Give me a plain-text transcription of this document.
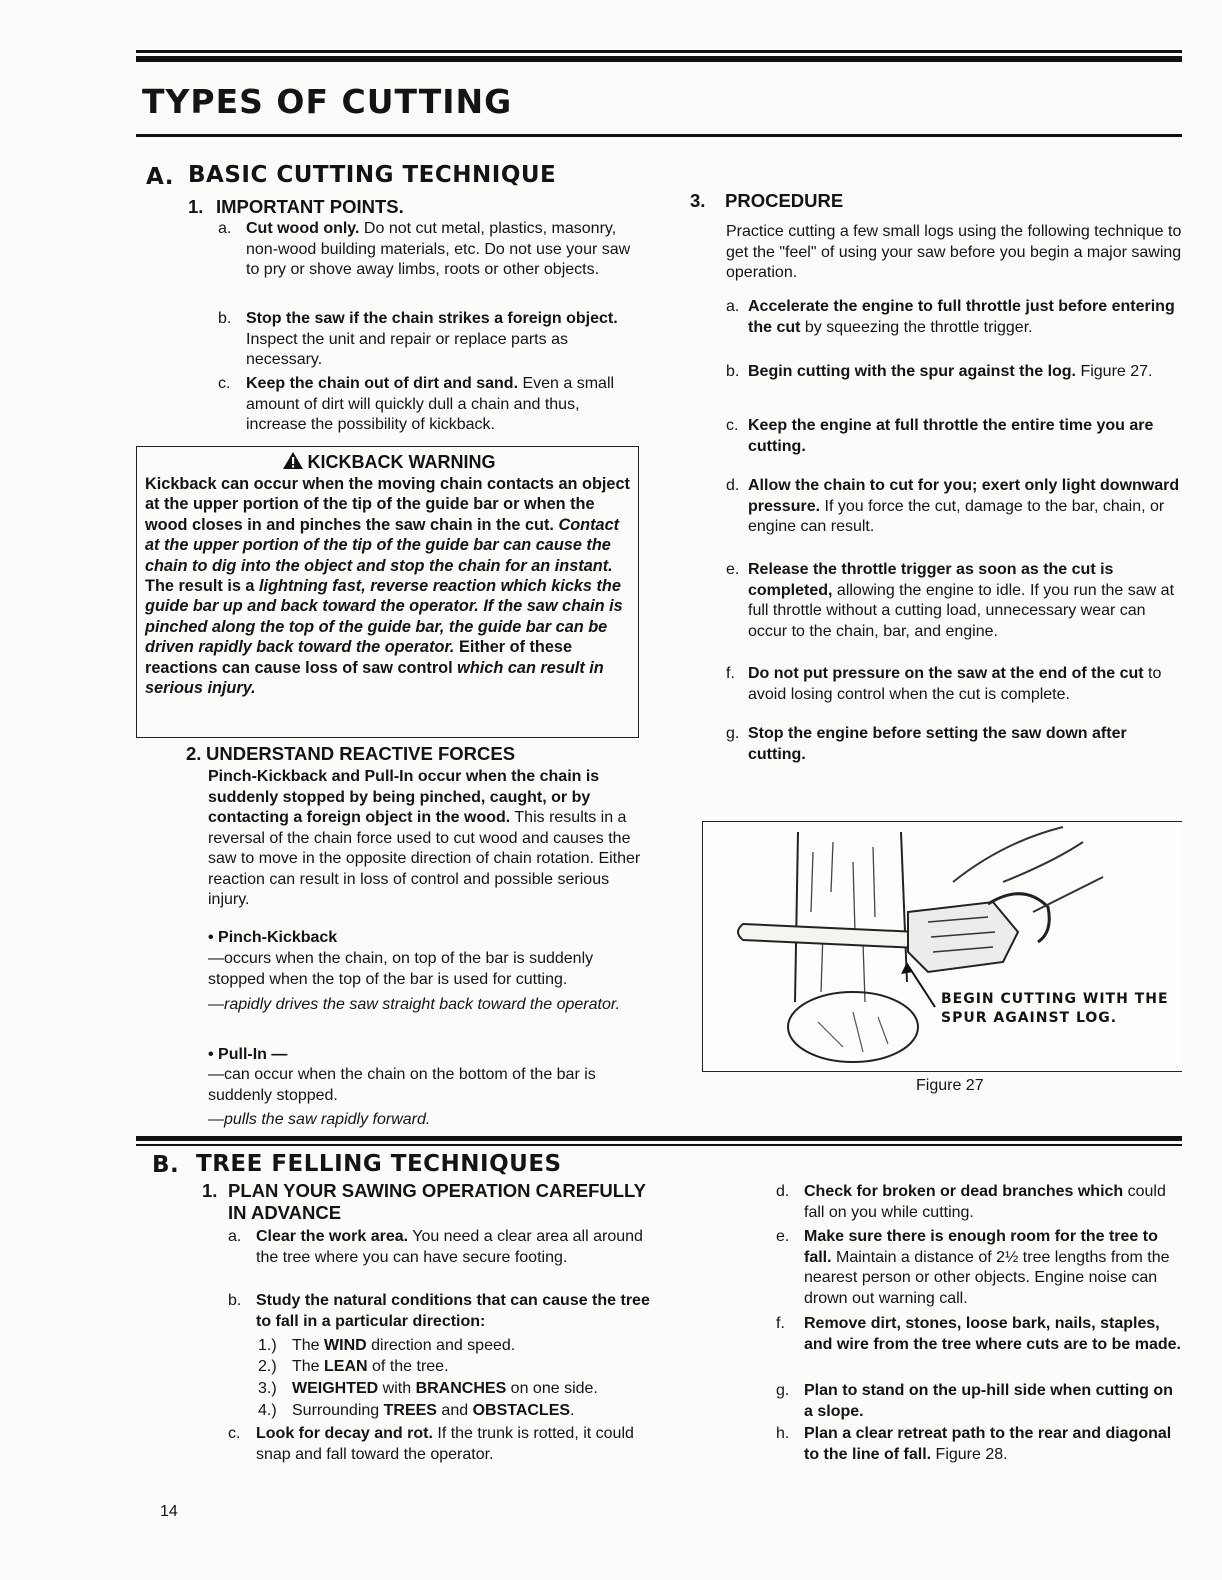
TYPES OF CUTTING
A. BASIC CUTTING TECHNIQUE
1. IMPORTANT POINTS.
a. Cut wood only. Do not cut metal, plastics, masonry, non-wood building materials, etc. Do not use your saw to pry or shove away limbs, roots or other objects.
b. Stop the saw if the chain strikes a foreign object. Inspect the unit and repair or replace parts as necessary.
c. Keep the chain out of dirt and sand. Even a small amount of dirt will quickly dull a chain and thus, increase the possibility of kickback.
KICKBACK WARNING

Kickback can occur when the moving chain contacts an object at the upper portion of the tip of the guide bar or when the wood closes in and pinches the saw chain in the cut. Contact at the upper portion of the tip of the guide bar can cause the chain to dig into the object and stop the chain for an instant. The result is a lightning fast, reverse reaction which kicks the guide bar up and back toward the operator. If the saw chain is pinched along the top of the guide bar, the guide bar can be driven rapidly back toward the operator. Either of these reactions can cause loss of saw control which can result in serious injury.

2. UNDERSTAND REACTIVE FORCES
Pinch-Kickback and Pull-In occur when the chain is suddenly stopped by being pinched, caught, or by contacting a foreign object in the wood. This results in a reversal of the chain force used to cut wood and causes the saw to move in the opposite direction of chain rotation. Either reaction can result in loss of control and possible serious injury.
• Pinch-Kickback
—occurs when the chain, on top of the bar is suddenly stopped when the top of the bar is used for cutting.
—rapidly drives the saw straight back toward the operator.
• Pull-In —
—can occur when the chain on the bottom of the bar is suddenly stopped.
—pulls the saw rapidly forward.
3. PROCEDURE
Practice cutting a few small logs using the following technique to get the "feel" of using your saw before you begin a major sawing operation.
a. Accelerate the engine to full throttle just before entering the cut by squeezing the throttle trigger.
b. Begin cutting with the spur against the log. Figure 27.
c. Keep the engine at full throttle the entire time you are cutting.
d. Allow the chain to cut for you; exert only light downward pressure. If you force the cut, damage to the bar, chain, or engine can result.
e. Release the throttle trigger as soon as the cut is completed, allowing the engine to idle. If you run the saw at full throttle without a cutting load, unnecessary wear can occur to the chain, bar, and engine.
f. Do not put pressure on the saw at the end of the cut to avoid losing control when the cut is complete.
g. Stop the engine before setting the saw down after cutting.
BEGIN CUTTING WITH THE
SPUR AGAINST LOG.
Figure 27
B. TREE FELLING TECHNIQUES
1. PLAN YOUR SAWING OPERATION CAREFULLY IN ADVANCE
a. Clear the work area. You need a clear area all around the tree where you can have secure footing.
b. Study the natural conditions that can cause the tree to fall in a particular direction:
1.) The WIND direction and speed.
2.) The LEAN of the tree.
3.) WEIGHTED with BRANCHES on one side.
4.) Surrounding TREES and OBSTACLES.
c. Look for decay and rot. If the trunk is rotted, it could snap and fall toward the operator.
d. Check for broken or dead branches which could fall on you while cutting.
e. Make sure there is enough room for the tree to fall. Maintain a distance of 2½ tree lengths from the nearest person or other objects. Engine noise can drown out warning call.
f.	Remove dirt, stones, loose bark, nails, staples, and wire from the tree where cuts are to be made.
g. Plan to stand on the up-hill side when cutting on a slope.
h. Plan a clear retreat path to the rear and diagonal to the line of fall. Figure 28.
14
